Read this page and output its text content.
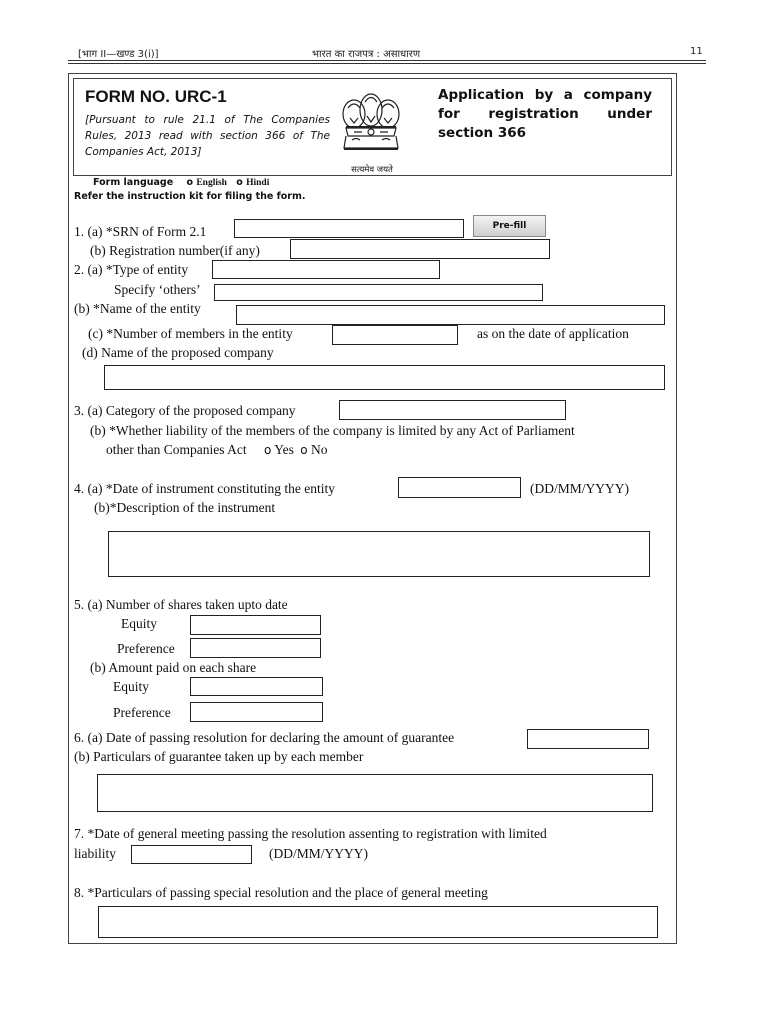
[भाग II—खण्ड 3(i)]	भारत का राजपत्र : असाधारण	11
FORM NO. URC-1
[Pursuant to rule 21.1 of The Companies Rules, 2013 read with section 366 of The Companies Act, 2013]
सत्यमेव जयते
Application by a company for registration under section 366
Form language o English o Hindi
Refer the instruction kit for filing the form.
1. (a) *SRN of Form 2.1	Pre-fill
(b) Registration number(if any)
2. (a) *Type of entity
Specify ‘others’
(b) *Name of the entity
(c) *Number of members in the entity	as on the date of application
(d) Name of the proposed company
3. (a) Category of the proposed company
(b) *Whether liability of the members of the company is limited by any Act of Parliament
other than Companies Act o Yes o No
4. (a) *Date of instrument constituting the entity	(DD/MM/YYYY)
(b)*Description of the instrument
5. (a) Number of shares taken upto date
Equity
Preference
(b) Amount paid on each share
Equity
Preference
6. (a) Date of passing resolution for declaring the amount of guarantee
(b) Particulars of guarantee taken up by each member
7. *Date of general meeting passing the resolution assenting to registration with limited
liability	(DD/MM/YYYY)
8. *Particulars of passing special resolution and the place of general meeting
